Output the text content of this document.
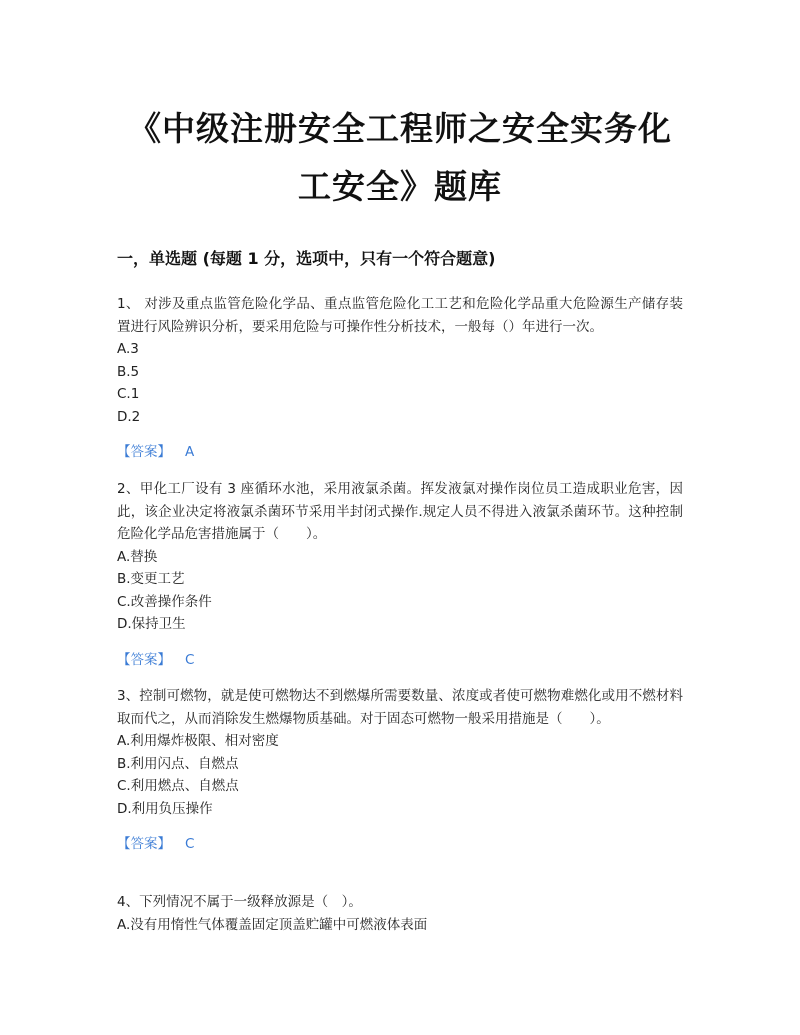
《中级注册安全工程师之安全实务化
工安全》题库
一，单选题 (每题 1 分，选项中，只有一个符合题意)

1、 对涉及重点监管危险化学品、重点监管危险化工工艺和危险化学品重大危险源生产储存装置进行风险辨识分析，要采用危险与可操作性分析技术，一般每（）年进行一次。

A.3
B.5
C.1
D.2
【答案】 A

2、甲化工厂设有 3 座循环水池，采用液氯杀菌。挥发液氯对操作岗位员工造成职业危害，因此，该企业决定将液氯杀菌环节采用半封闭式操作.规定人员不得进入液氯杀菌环节。这种控制危险化学品危害措施属于（　　）。

A.替换
B.变更工艺
C.改善操作条件
D.保持卫生
【答案】 C

3、控制可燃物，就是使可燃物达不到燃爆所需要数量、浓度或者使可燃物难燃化或用不燃材料取而代之，从而消除发生燃爆物质基础。对于固态可燃物一般采用措施是（　　）。

A.利用爆炸极限、相对密度
B.利用闪点、自燃点
C.利用燃点、自燃点
D.利用负压操作
【答案】 C

4、下列情况不属于一级释放源是（　）。

A.没有用惰性气体覆盖固定顶盖贮罐中可燃液体表面
